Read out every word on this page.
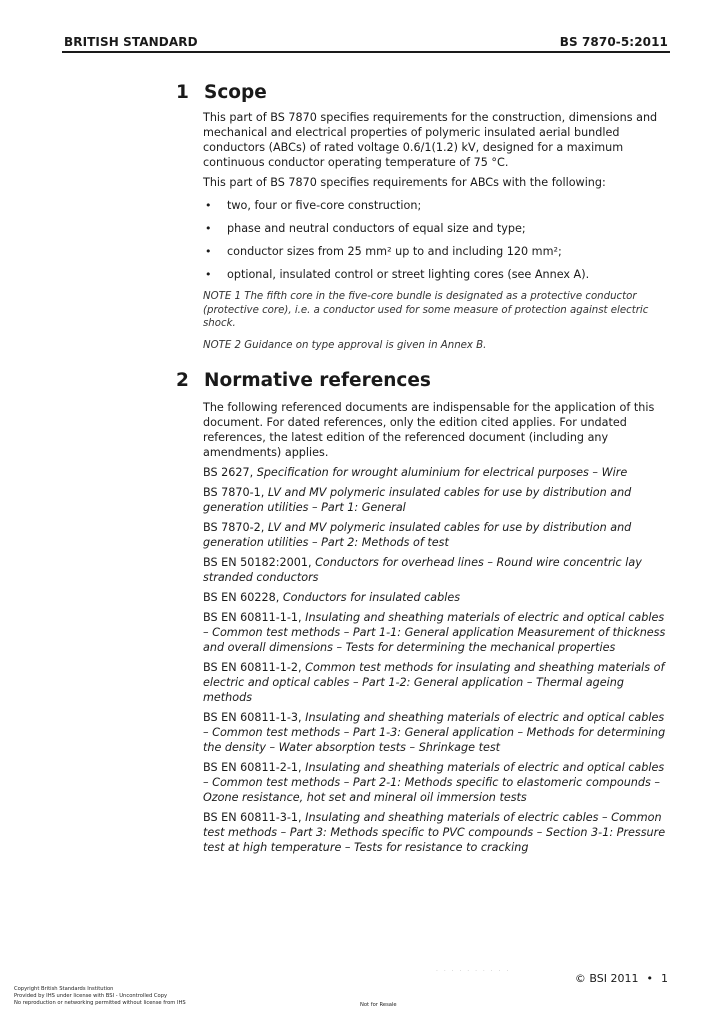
BRITISH STANDARD	BS 7870-5:2011
1 Scope

This part of BS 7870 specifies requirements for the construction, dimensions and mechanical and electrical properties of polymeric insulated aerial bundled conductors (ABCs) of rated voltage 0.6/1(1.2) kV, designed for a maximum continuous conductor operating temperature of 75 °C.

This part of BS 7870 specifies requirements for ABCs with the following:

• two, four or five-core construction;
• phase and neutral conductors of equal size and type;
• conductor sizes from 25 mm² up to and including 120 mm²;
• optional, insulated control or street lighting cores (see Annex A).
NOTE 1 The fifth core in the five-core bundle is designated as a protective conductor (protective core), i.e. a conductor used for some measure of protection against electric shock.
NOTE 2 Guidance on type approval is given in Annex B.
2 Normative references

The following referenced documents are indispensable for the application of this document. For dated references, only the edition cited applies. For undated references, the latest edition of the referenced document (including any amendments) applies.

BS 2627, Specification for wrought aluminium for electrical purposes – Wire

BS 7870-1, LV and MV polymeric insulated cables for use by distribution and generation utilities – Part 1: General

BS 7870-2, LV and MV polymeric insulated cables for use by distribution and generation utilities – Part 2: Methods of test

BS EN 50182:2001, Conductors for overhead lines – Round wire concentric lay stranded conductors

BS EN 60228, Conductors for insulated cables

BS EN 60811-1-1, Insulating and sheathing materials of electric and optical cables – Common test methods – Part 1-1: General application Measurement of thickness and overall dimensions – Tests for determining the mechanical properties

BS EN 60811-1-2, Common test methods for insulating and sheathing materials of electric and optical cables – Part 1-2: General application – Thermal ageing methods

BS EN 60811-1-3, Insulating and sheathing materials of electric and optical cables – Common test methods – Part 1-3: General application – Methods for determining the density – Water absorption tests – Shrinkage test

BS EN 60811-2-1, Insulating and sheathing materials of electric and optical cables – Common test methods – Part 2-1: Methods specific to elastomeric compounds – Ozone resistance, hot set and mineral oil immersion tests

BS EN 60811-3-1, Insulating and sheathing materials of electric cables – Common test methods – Part 3: Methods specific to PVC compounds – Section 3-1: Pressure test at high temperature – Tests for resistance to cracking

· · · · · · · · · ·
© BSI 2011 • 1
Copyright British Standards Institution
Provided by IHS under license with BSI - Uncontrolled Copy
No reproduction or networking permitted without license from IHS	Not for Resale
